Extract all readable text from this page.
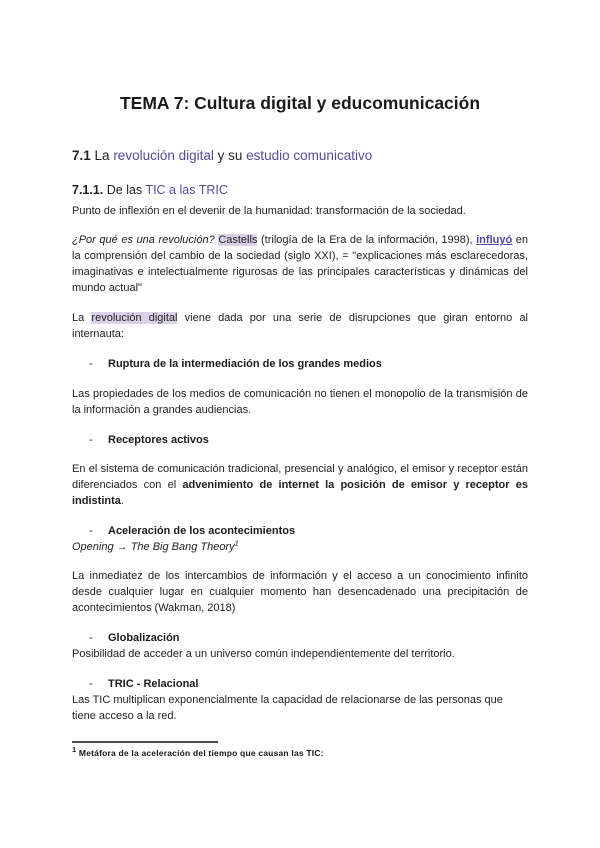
TEMA 7: Cultura digital y educomunicación
7.1 La revolución digital y su estudio comunicativo
7.1.1. De las TIC a las TRIC
Punto de inflexión en el devenir de la humanidad: transformación de la sociedad.
¿Por qué es una revolución? Castells (trilogía de la Era de la información, 1998), influyó en la comprensión del cambio de la sociedad (siglo XXI), = "explicaciones más esclarecedoras, imaginativas e intelectualmente rigurosas de las principales características y dinámicas del mundo actual"
La revolución digital viene dada por una serie de disrupciones que giran entorno al internauta:
-	Ruptura de la intermediación de los grandes medios
Las propiedades de los medios de comunicación no tienen el monopolio de la transmisión de la información a grandes audiencias.
-	Receptores activos
En el sistema de comunicación tradicional, presencial y analógico, el emisor y receptor están diferenciados con el advenimiento de internet la posición de emisor y receptor es indistinta.
-	Aceleración de los acontecimientos
Opening → The Big Bang Theory$^1$
La inmediatez de los intercambios de información y el acceso a un conocimiento infinito desde cualquier lugar en cualquier momento han desencadenado una precipitación de acontecimientos (Wakman, 2018)
-	Globalización
Posibilidad de acceder a un universo común independientemente del territorio.
-	TRIC - Relacional
Las TIC multiplican exponencialmente la capacidad de relacionarse de las personas que tiene acceso a la red.
$^1$ Metáfora de la aceleración del tiempo que causan las TIC:
